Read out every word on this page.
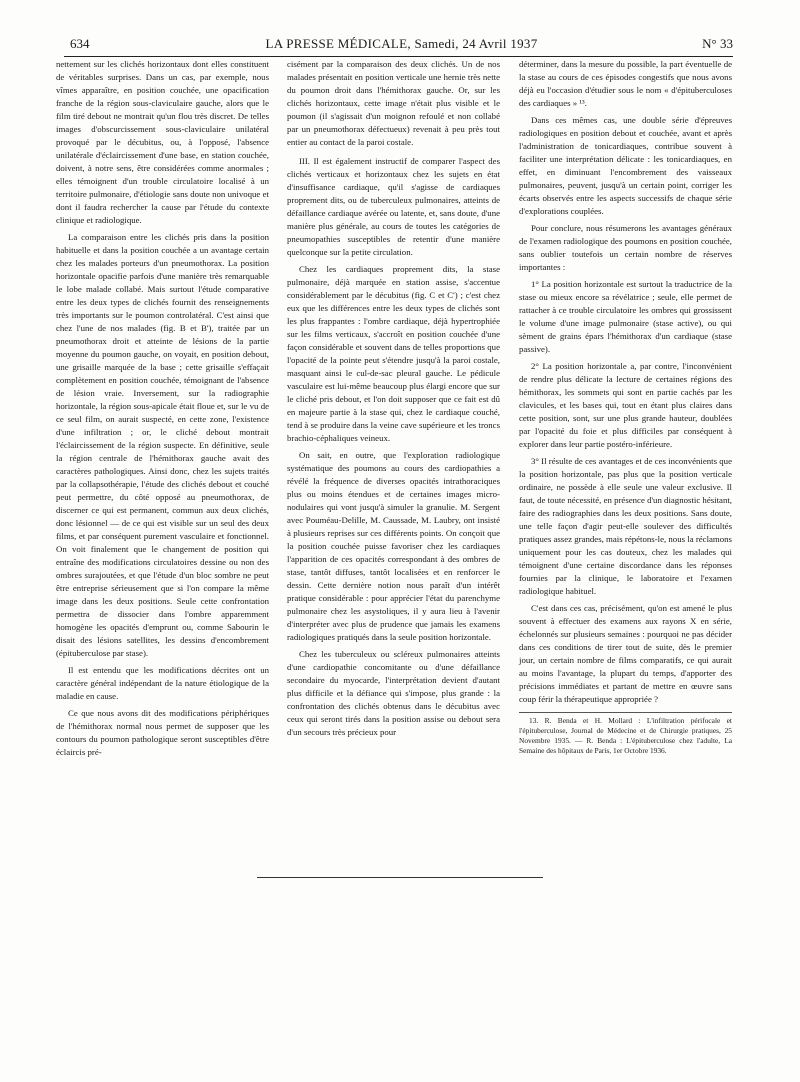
634	LA PRESSE MÉDICALE, Samedi, 24 Avril 1937	N° 33

nettement sur les clichés horizontaux dont elles constituent de véritables surprises. Dans un cas, par exemple, nous vîmes apparaître, en position couchée, une opacification franche de la région sous-claviculaire gauche, alors que le film tiré debout ne montrait qu'un flou très discret. De telles images d'obscurcissement sous-claviculaire unilatéral provoqué par le décubitus, ou, à l'opposé, l'absence unilatérale d'éclaircissement d'une base, en station couchée, doivent, à notre sens, être considérées comme anormales ; elles témoignent d'un trouble circulatoire localisé à un territoire pulmonaire, d'étiologie sans doute non univoque et dont il faudra rechercher la cause par l'étude du contexte clinique et radiologique.

La comparaison entre les clichés pris dans la position habituelle et dans la position couchée a un avantage certain chez les malades porteurs d'un pneumothorax. La position horizontale opacifie parfois d'une manière très remarquable le lobe malade collabé. Mais surtout l'étude comparative entre les deux types de clichés fournit des renseignements très importants sur le poumon controlatéral. C'est ainsi que chez l'une de nos malades (fig. B et B'), traitée par un pneumothorax droit et atteinte de lésions de la partie moyenne du poumon gauche, on voyait, en position debout, une grisaille marquée de la base ; cette grisaille s'effaçait complètement en position couchée, témoignant de l'absence de lésion vraie. Inversement, sur la radiographie horizontale, la région sous-apicale était floue et, sur le vu de ce seul film, on aurait suspecté, en cette zone, l'existence d'une infiltration ; or, le cliché debout montrait l'éclaircissement de la région suspecte. En définitive, seule la région centrale de l'hémithorax gauche avait des caractères pathologiques. Ainsi donc, chez les sujets traités par la collapsothérapie, l'étude des clichés debout et couché peut permettre, du côté opposé au pneumothorax, de discerner ce qui est permanent, commun aux deux clichés, donc lésionnel — de ce qui est visible sur un seul des deux films, et par conséquent purement vasculaire et fonctionnel. On voit finalement que le changement de position qui entraîne des modifications circulatoires dessine ou non des ombres surajoutées, et que l'étude d'un bloc sombre ne peut être entreprise sérieusement que si l'on compare la même image dans les deux positions. Seule cette confrontation permettra de dissocier dans l'ombre apparemment homogène les opacités d'emprunt ou, comme Sabourin le disait des lésions satellites, les dessins d'encombrement (épituberculose par stase).

Il est entendu que les modifications décrites ont un caractère général indépendant de la nature étiologique de la maladie en cause.

Ce que nous avons dit des modifications périphériques de l'hémithorax normal nous permet de supposer que les contours du poumon pathologique seront susceptibles d'être éclaircis pré-

cisément par la comparaison des deux clichés. Un de nos malades présentait en position verticale une hernie très nette du poumon droit dans l'hémithorax gauche. Or, sur les clichés horizontaux, cette image n'était plus visible et le poumon (il s'agissait d'un moignon refoulé et non collabé par un pneumothorax défectueux) revenait à peu près tout entier au contact de la paroi costale.

III. Il est également instructif de comparer l'aspect des clichés verticaux et horizontaux chez les sujets en état d'insuffisance cardiaque, qu'il s'agisse de cardiaques proprement dits, ou de tuberculeux pulmonaires, atteints de défaillance cardiaque avérée ou latente, et, sans doute, d'une manière plus générale, au cours de toutes les catégories de pneumopathies susceptibles de retentir d'une manière quelconque sur la petite circulation.

Chez les cardiaques proprement dits, la stase pulmonaire, déjà marquée en station assise, s'accentue considérablement par le décubitus (fig. C et C') ; c'est chez eux que les différences entre les deux types de clichés sont les plus frappantes : l'ombre cardiaque, déjà hypertrophiée sur les films verticaux, s'accroît en position couchée d'une façon considérable et souvent dans de telles proportions que l'opacité de la pointe peut s'étendre jusqu'à la paroi costale, masquant ainsi le cul-de-sac pleural gauche. Le pédicule vasculaire est lui-même beaucoup plus élargi encore que sur le cliché pris debout, et l'on doit supposer que ce fait est dû en majeure partie à la stase qui, chez le cardiaque couché, tend à se produire dans la veine cave supérieure et les troncs brachio-céphaliques veineux.

On sait, en outre, que l'exploration radiologique systématique des poumons au cours des cardiopathies a révélé la fréquence de diverses opacités intrathoraciques plus ou moins étendues et de certaines images micro-nodulaires qui vont jusqu'à simuler la granulie. M. Sergent avec Pouméau-Delille, M. Caussade, M. Laubry, ont insisté à plusieurs reprises sur ces différents points. On conçoit que la position couchée puisse favoriser chez les cardiaques l'apparition de ces opacités correspondant à des ombres de stase, tantôt diffuses, tantôt localisées et en renforcer le dessin. Cette dernière notion nous paraît d'un intérêt pratique considérable : pour apprécier l'état du parenchyme pulmonaire chez les asystoliques, il y aura lieu à l'avenir d'interpréter avec plus de prudence que jamais les examens radiologiques pratiqués dans la seule position horizontale.

Chez les tuberculeux ou scléreux pulmonaires atteints d'une cardiopathie concomitante ou d'une défaillance secondaire du myocarde, l'interprétation devient d'autant plus difficile et la défiance qui s'impose, plus grande : la confrontation des clichés obtenus dans le décubitus avec ceux qui seront tirés dans la position assise ou debout sera d'un secours très précieux pour

déterminer, dans la mesure du possible, la part éventuelle de la stase au cours de ces épisodes congestifs que nous avons déjà eu l'occasion d'étudier sous le nom « d'épituberculoses des cardiaques » ¹³.

Dans ces mêmes cas, une double série d'épreuves radiologiques en position debout et couchée, avant et après l'administration de tonicardiaques, contribue souvent à faciliter une interprétation délicate : les tonicardiaques, en effet, en diminuant l'encombrement des vaisseaux pulmonaires, peuvent, jusqu'à un certain point, corriger les écarts observés entre les aspects successifs de chaque série d'explorations couplées.

Pour conclure, nous résumerons les avantages généraux de l'examen radiologique des poumons en position couchée, sans oublier toutefois un certain nombre de réserves importantes :

1° La position horizontale est surtout la traductrice de la stase ou mieux encore sa révélatrice ; seule, elle permet de rattacher à ce trouble circulatoire les ombres qui grossissent le volume d'une image pulmonaire (stase active), ou qui sèment de grains épars l'hémithorax d'un cardiaque (stase passive).

2° La position horizontale a, par contre, l'inconvénient de rendre plus délicate la lecture de certaines régions des hémithorax, les sommets qui sont en partie cachés par les clavicules, et les bases qui, tout en étant plus claires dans cette position, sont, sur une plus grande hauteur, doublées par l'opacité du foie et plus difficiles par conséquent à explorer dans leur partie postéro-inférieure.

3° Il résulte de ces avantages et de ces inconvénients que la position horizontale, pas plus que la position verticale ordinaire, ne possède à elle seule une valeur exclusive. Il faut, de toute nécessité, en présence d'un diagnostic hésitant, faire des radiographies dans les deux positions. Sans doute, une telle façon d'agir peut-elle soulever des difficultés pratiques assez grandes, mais répétons-le, nous la réclamons uniquement pour les cas douteux, chez les malades qui témoignent d'une certaine discordance dans les réponses fournies par la clinique, le laboratoire et l'examen radiologique habituel.

C'est dans ces cas, précisément, qu'on est amené le plus souvent à effectuer des examens aux rayons X en série, échelonnés sur plusieurs semaines : pourquoi ne pas décider dans ces conditions de tirer tout de suite, dès le premier jour, un certain nombre de films comparatifs, ce qui aurait au moins l'avantage, la plupart du temps, d'apporter des précisions immédiates et partant de mettre en œuvre sans coup férir la thérapeutique appropriée ?

13. R. Benda et H. Mollard : L'infiltration périfocale et l'épituberculose, Journal de Médecine et de Chirurgie pratiques, 25 Novembre 1935. — R. Benda : L'épituberculose chez l'adulte, La Semaine des hôpitaux de Paris, 1er Octobre 1936.
